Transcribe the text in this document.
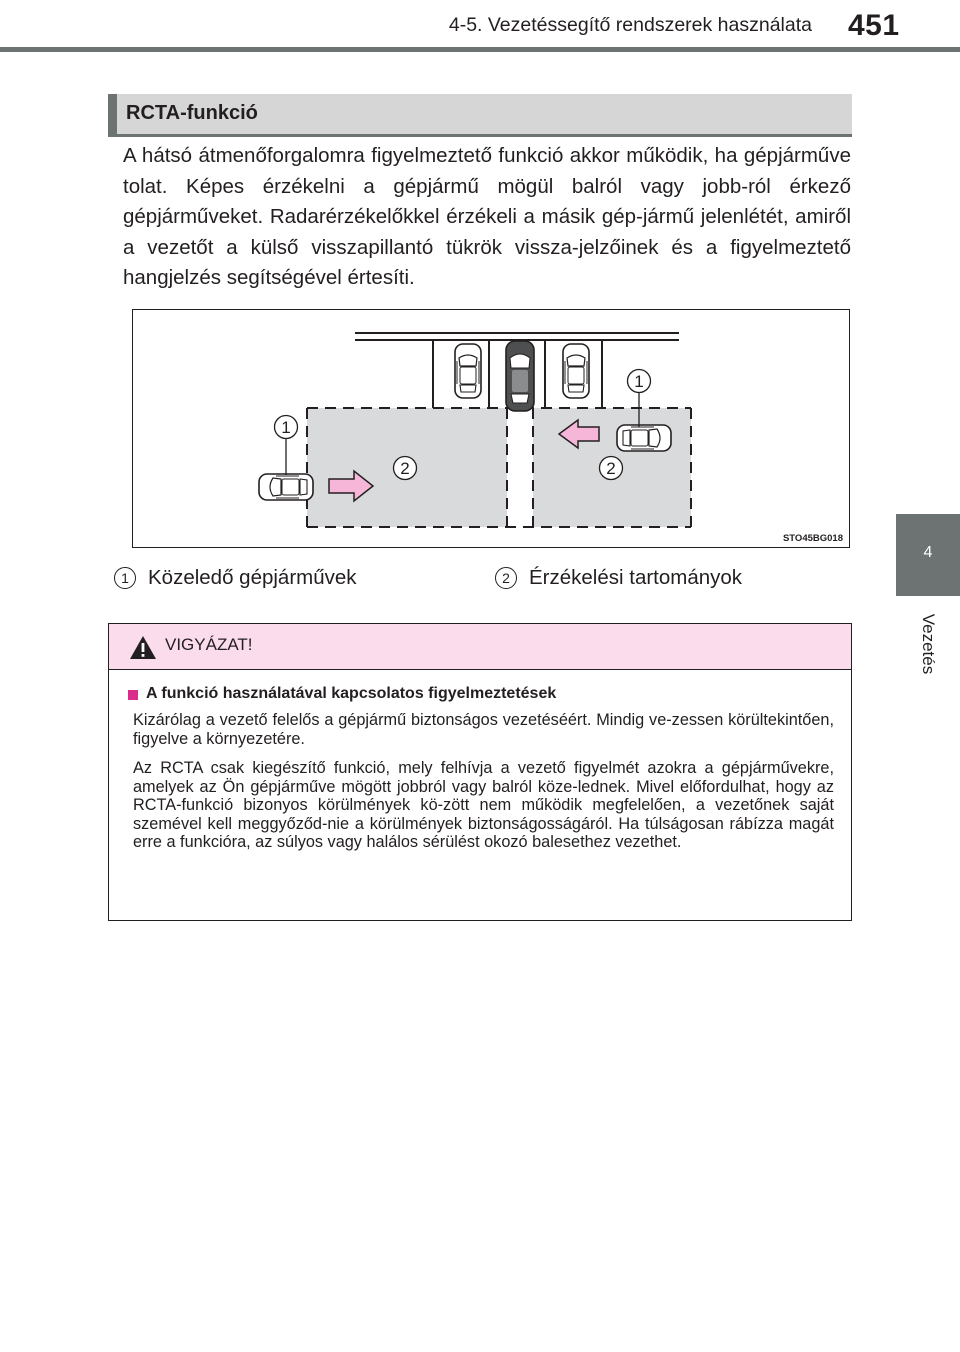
4-5. Vezetéssegítő rendszerek használata 451
4
Vezetés
RCTA-funkció
A hátsó átmenőforgalomra figyelmeztető funkció akkor működik, ha gépjárműve tolat. Képes érzékelni a gépjármű mögül balról vagy jobb-ról érkező gépjárműveket. Radarérzékelőkkel érzékeli a másik gép-jármű jelenlétét, amiről a vezetőt a külső visszapillantó tükrök vissza-jelzőinek és a figyelmeztető hangjelzés segítségével értesíti.
1
1
2	2
STO45BG018
1 Közeledő gépjárművek	2 Érzékelési tartományok
VIGYÁZAT!
A funkció használatával kapcsolatos figyelmeztetések
Kizárólag a vezető felelős a gépjármű biztonságos vezetéséért. Mindig ve-zessen körültekintően, figyelve a környezetére.
Az RCTA csak kiegészítő funkció, mely felhívja a vezető figyelmét azokra a gépjárművekre, amelyek az Ön gépjárműve mögött jobbról vagy balról köze-lednek. Mivel előfordulhat, hogy az RCTA-funkció bizonyos körülmények kö-zött nem működik megfelelően, a vezetőnek saját szemével kell meggyőződ-nie a körülmények biztonságosságáról. Ha túlságosan rábízza magát erre a funkcióra, az súlyos vagy halálos sérülést okozó balesethez vezethet.
